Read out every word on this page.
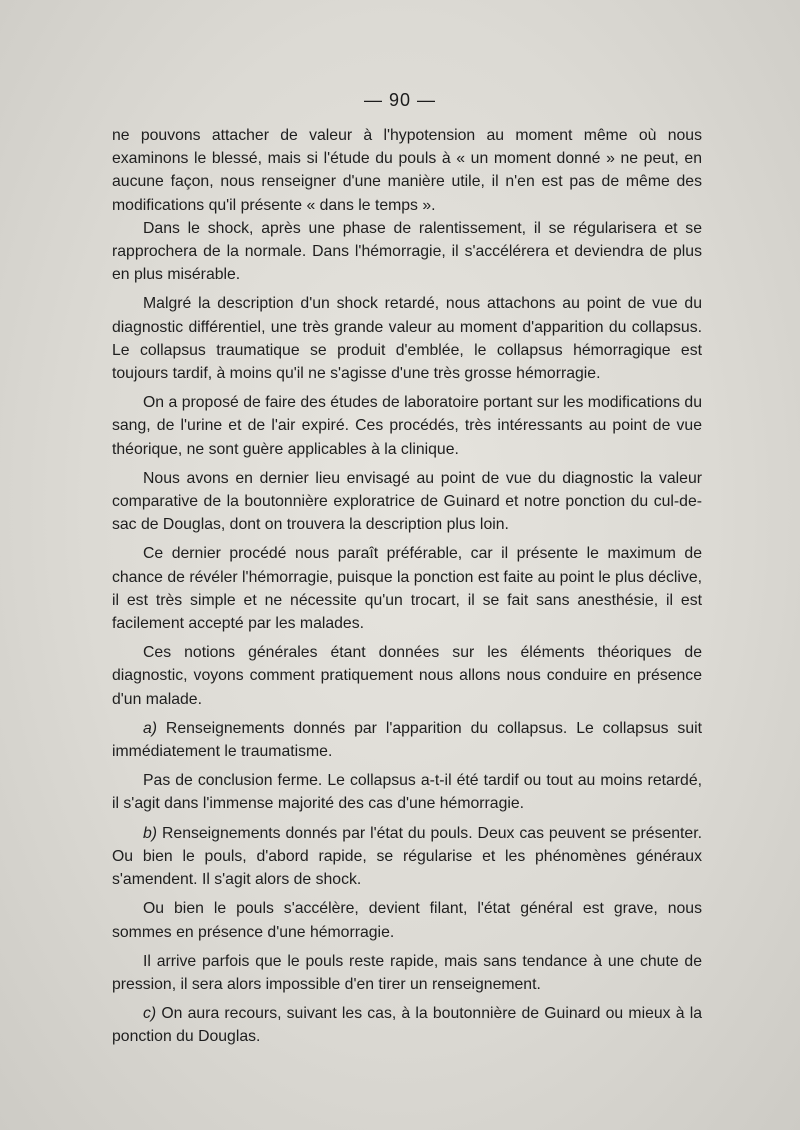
— 90 —

ne pouvons attacher de valeur à l'hypotension au moment même où nous examinons le blessé, mais si l'étude du pouls à « un moment donné » ne peut, en aucune façon, nous renseigner d'une manière utile, il n'en est pas de même des modifications qu'il présente « dans le temps ».

Dans le shock, après une phase de ralentissement, il se régularisera et se rapprochera de la normale. Dans l'hémorragie, il s'accélérera et deviendra de plus en plus misérable.

Malgré la description d'un shock retardé, nous attachons au point de vue du diagnostic différentiel, une très grande valeur au moment d'apparition du collapsus. Le collapsus traumatique se produit d'emblée, le collapsus hémorragique est toujours tardif, à moins qu'il ne s'agisse d'une très grosse hémorragie.

On a proposé de faire des études de laboratoire portant sur les modifications du sang, de l'urine et de l'air expiré. Ces procédés, très intéressants au point de vue théorique, ne sont guère applicables à la clinique.

Nous avons en dernier lieu envisagé au point de vue du diagnostic la valeur comparative de la boutonnière exploratrice de Guinard et notre ponction du cul-de-sac de Douglas, dont on trouvera la description plus loin.

Ce dernier procédé nous paraît préférable, car il présente le maximum de chance de révéler l'hémorragie, puisque la ponction est faite au point le plus déclive, il est très simple et ne nécessite qu'un trocart, il se fait sans anesthésie, il est facilement accepté par les malades.

Ces notions générales étant données sur les éléments théoriques de diagnostic, voyons comment pratiquement nous allons nous conduire en présence d'un malade.

a) Renseignements donnés par l'apparition du collapsus. Le collapsus suit immédiatement le traumatisme.

Pas de conclusion ferme. Le collapsus a-t-il été tardif ou tout au moins retardé, il s'agit dans l'immense majorité des cas d'une hémorragie.

b) Renseignements donnés par l'état du pouls. Deux cas peuvent se présenter. Ou bien le pouls, d'abord rapide, se régularise et les phénomènes généraux s'amendent. Il s'agit alors de shock.

Ou bien le pouls s'accélère, devient filant, l'état général est grave, nous sommes en présence d'une hémorragie.

Il arrive parfois que le pouls reste rapide, mais sans tendance à une chute de pression, il sera alors impossible d'en tirer un renseignement.

c) On aura recours, suivant les cas, à la boutonnière de Guinard ou mieux à la ponction du Douglas.
